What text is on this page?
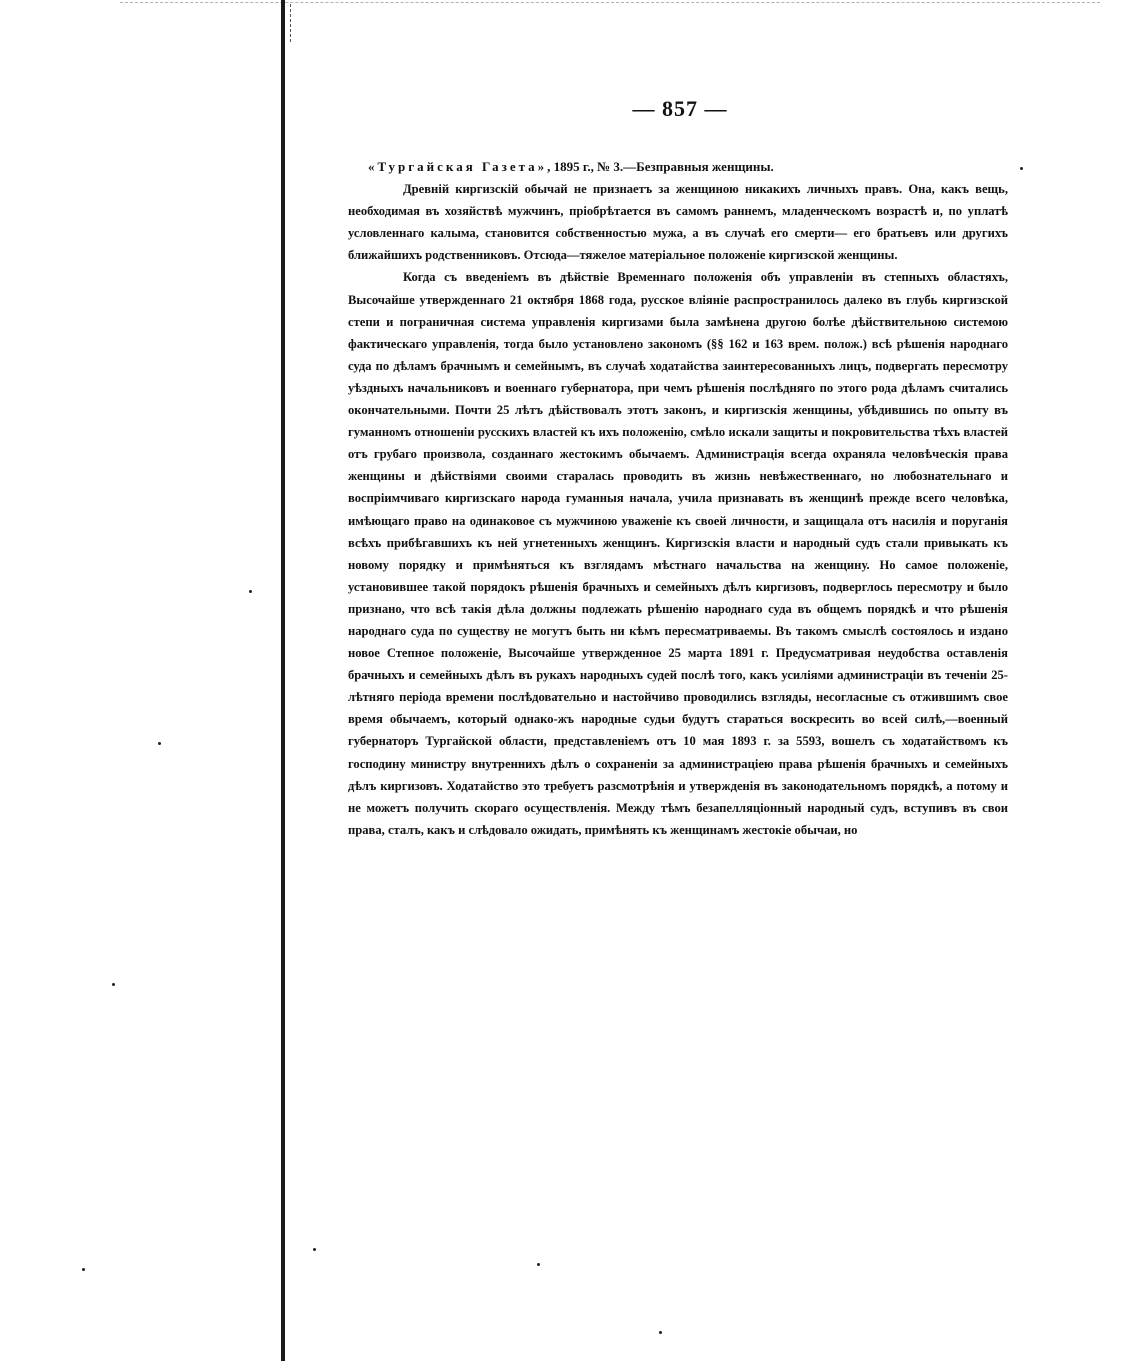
— 857 —

«Тургайская Газета», 1895 г., № 3.—Безправныя женщины.

Древній киргизскій обычай не признаетъ за женщиною никакихъ личныхъ правъ. Она, какъ вещь, необходимая въ хозяйствѣ мужчинъ, пріобрѣтается въ самомъ раннемъ, младенческомъ возрастѣ и, по уплатѣ условленнаго калыма, становится собственностью мужа, а въ случаѣ его смерти— его братьевъ или другихъ ближайшихъ родственниковъ. Отсюда—тяжелое матеріальное положеніе киргизской женщины.

Когда съ введеніемъ въ дѣйствіе Временнаго положенія объ управленіи въ степныхъ областяхъ, Высочайше утвержденнаго 21 октября 1868 года, русское вліяніе распространилось далеко въ глубь киргизской степи и пограничная система управленія киргизами была замѣнена другою болѣе дѣйствительною системою фактическаго управленія, тогда было установлено закономъ (§§ 162 и 163 врем. полож.) всѣ рѣшенія народнаго суда по дѣламъ брачнымъ и семейнымъ, въ случаѣ ходатайства заинтересованныхъ лицъ, подвергать пересмотру уѣздныхъ начальниковъ и военнаго губернатора, при чемъ рѣшенія послѣдняго по этого рода дѣламъ считались окончательными. Почти 25 лѣтъ дѣйствовалъ этотъ законъ, и киргизскія женщины, убѣдившись по опыту въ гуманномъ отношеніи русскихъ властей къ ихъ положенію, смѣло искали защиты и покровительства тѣхъ властей отъ грубаго произвола, созданнаго жестокимъ обычаемъ. Администрація всегда охраняла человѣческія права женщины и дѣйствіями своими старалась проводить въ жизнь невѣжественнаго, но любознательнаго и воспріимчиваго киргизскаго народа гуманныя начала, учила признавать въ женщинѣ прежде всего человѣка, имѣющаго право на одинаковое съ мужчиною уваженіе къ своей личности, и защищала отъ насилія и поруганія всѣхъ прибѣгавшихъ къ ней угнетенныхъ женщинъ. Киргизскія власти и народный судъ стали привыкать къ новому порядку и примѣняться къ взглядамъ мѣстнаго начальства на женщину. Но самое положеніе, установившее такой порядокъ рѣшенія брачныхъ и семейныхъ дѣлъ киргизовъ, подверглось пересмотру и было признано, что всѣ такія дѣла должны подлежать рѣшенію народнаго суда въ общемъ порядкѣ и что рѣшенія народнаго суда по существу не могутъ быть ни кѣмъ пересматриваемы. Въ такомъ смыслѣ состоялось и издано новое Степное положеніе, Высочайше утвержденное 25 марта 1891 г. Предусматривая неудобства оставленія брачныхъ и семейныхъ дѣлъ въ рукахъ народныхъ судей послѣ того, какъ усиліями администраціи въ теченіи 25-лѣтняго періода времени послѣдовательно и настойчиво проводились взгляды, несогласные съ отжившимъ свое время обычаемъ, который однако-жъ народные судьи будутъ стараться воскресить во всей силѣ,—военный губернаторъ Тургайской области, представленіемъ отъ 10 мая 1893 г. за 5593, вошелъ съ ходатайствомъ къ господину министру внутреннихъ дѣлъ о сохраненіи за администраціею права рѣшенія брачныхъ и семейныхъ дѣлъ киргизовъ. Ходатайство это требуетъ разсмотрѣнія и утвержденія въ законодательномъ порядкѣ, а потому и не можетъ получить скораго осуществленія. Между тѣмъ безапелляціонный народный судъ, вступивъ въ свои права, сталъ, какъ и слѣдовало ожидать, примѣнять къ женщинамъ жестокіе обычаи, но
